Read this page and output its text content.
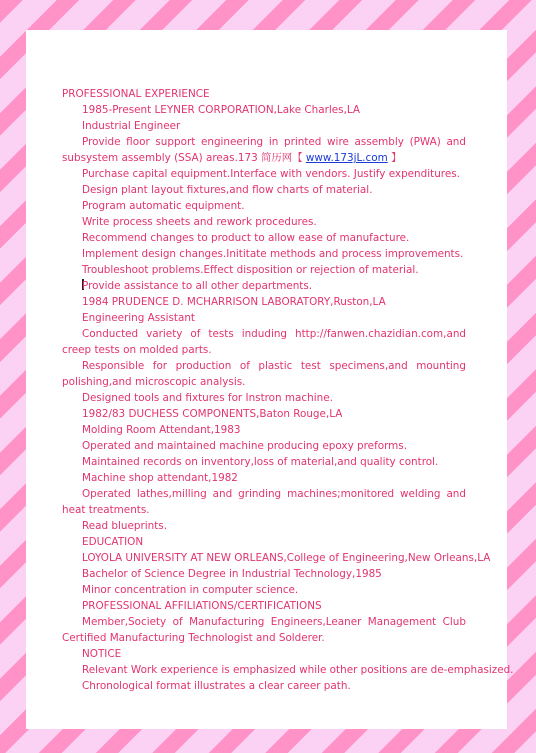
PROFESSIONAL EXPERIENCE
1985-Present LEYNER CORPORATION,Lake Charles,LA
Industrial Engineer
Provide floor support engineering in printed wire assembly (PWA) and subsystem assembly (SSA) areas.173 简历网【 www.173jL.com 】
Purchase capital equipment.Interface with vendors. Justify expenditures.
Design plant layout fixtures,and flow charts of material.
Program automatic equipment.
Write process sheets and rework procedures.
Recommend changes to product to allow ease of manufacture.
Implement design changes.Inititate methods and process improvements.
Troubleshoot problems.Effect disposition or rejection of material.
Provide assistance to all other departments.
1984 PRUDENCE D. MCHARRISON LABORATORY,Ruston,LA
Engineering Assistant
Conducted variety of tests induding http://fanwen.chazidian.com,and creep tests on molded parts.
Responsible for production of plastic test specimens,and mounting polishing,and microscopic analysis.
Designed tools and fixtures for Instron machine.
1982/83 DUCHESS COMPONENTS,Baton Rouge,LA
Molding Room Attendant,1983
Operated and maintained machine producing epoxy preforms.
Maintained records on inventory,loss of material,and quality control.
Machine shop attendant,1982
Operated lathes,milling and grinding machines;monitored welding and heat treatments.
Read blueprints.
EDUCATION
LOYOLA UNIVERSITY AT NEW ORLEANS,College of Engineering,New Orleans,LA
Bachelor of Science Degree in Industrial Technology,1985
Minor concentration in computer science.
PROFESSIONAL AFFILIATIONS/CERTIFICATIONS
Member,Society of Manufacturing Engineers,Leaner Management Club Certified Manufacturing Technologist and Solderer.
NOTICE
Relevant Work experience is emphasized while other positions are de-emphasized.
Chronological format illustrates a clear career path.
